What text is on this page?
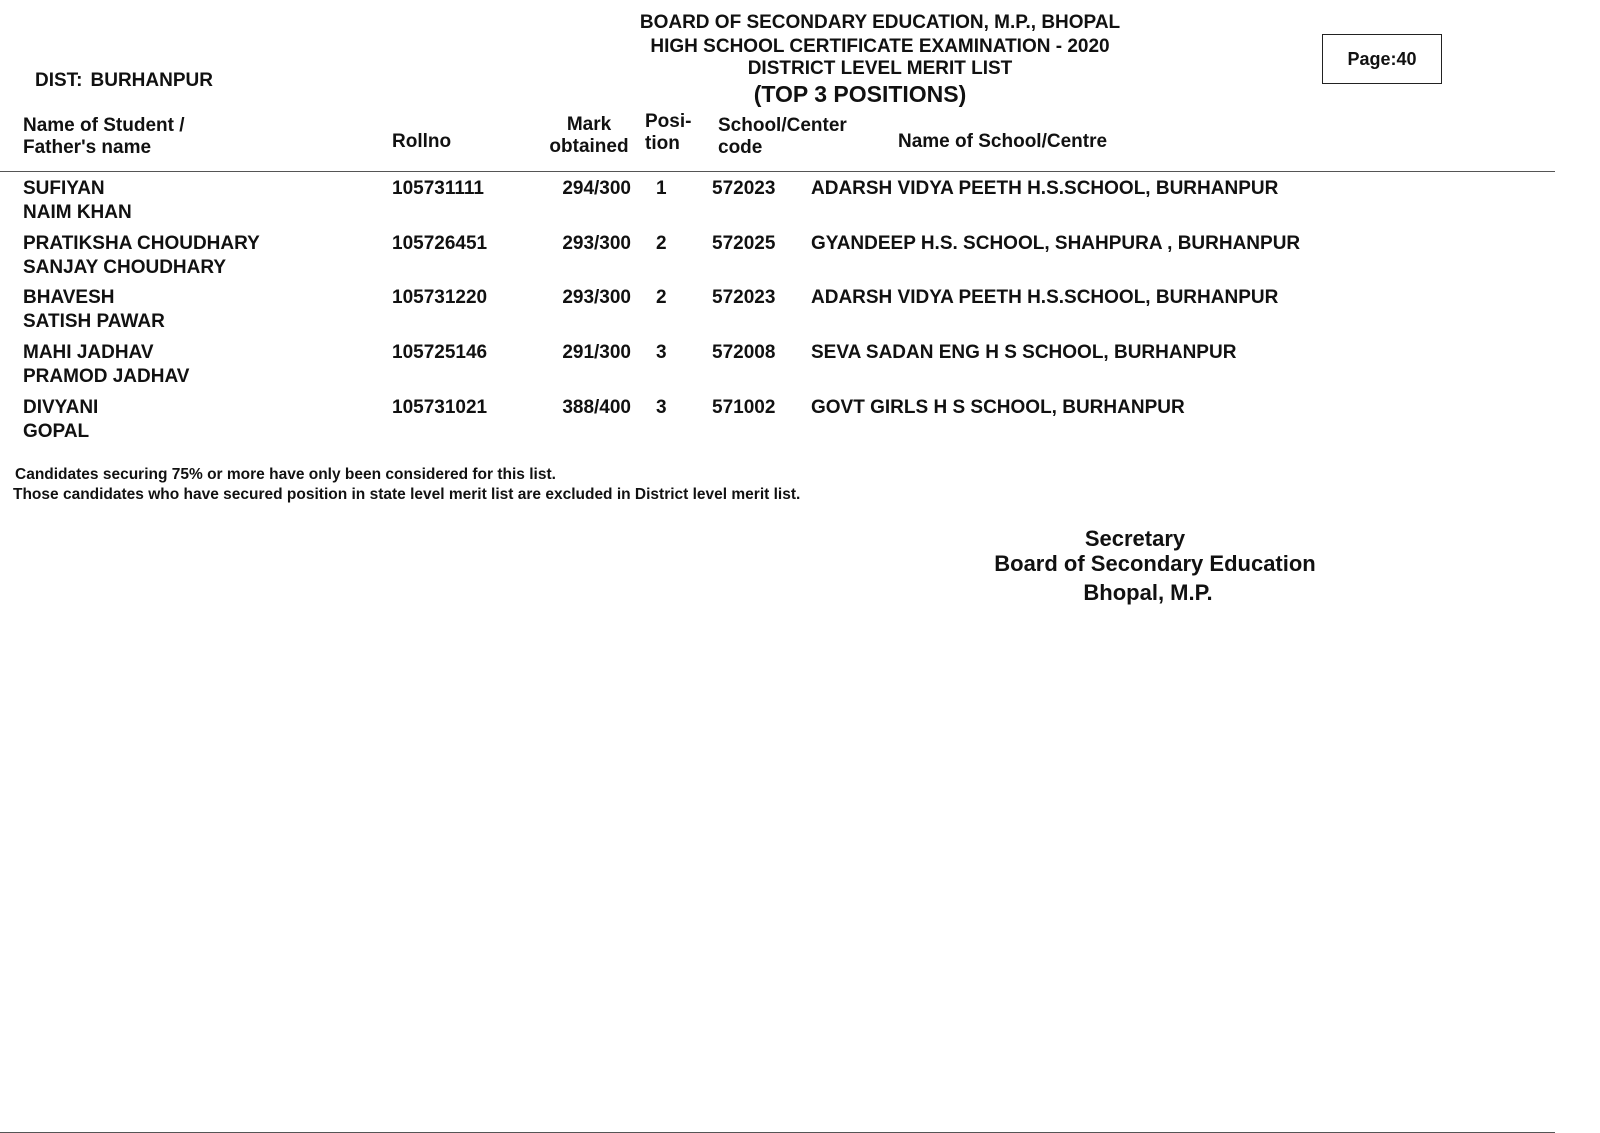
BOARD OF SECONDARY EDUCATION, M.P., BHOPAL
HIGH SCHOOL CERTIFICATE EXAMINATION - 2020
DISTRICT LEVEL MERIT LIST
(TOP 3 POSITIONS)
DIST: BURHANPUR
Page: 40
Name of Student /
Father's name	Rollno
Mark
obtained
Posi-
tion
School/Center
code	Name of School/Centre
SUFIYAN
NAIM KHAN
105731111	294/300 1 572023 ADARSH VIDYA PEETH H.S.SCHOOL, BURHANPUR
PRATIKSHA CHOUDHARY
SANJAY CHOUDHARY
105726451	293/300 2 572025 GYANDEEP H.S. SCHOOL, SHAHPURA , BURHANPUR
BHAVESH
SATISH PAWAR
105731220	293/300 2 572023 ADARSH VIDYA PEETH H.S.SCHOOL, BURHANPUR
MAHI JADHAV
PRAMOD JADHAV
105725146	291/300 3 572008 SEVA SADAN ENG H S SCHOOL, BURHANPUR
DIVYANI
GOPAL
105731021	388/400 3 571002 GOVT GIRLS H S SCHOOL, BURHANPUR
Candidates securing 75% or more have only been considered for this list.
Those candidates who have secured position in state level merit list are excluded in District level merit list.
Secretary
Board of Secondary Education
Bhopal, M.P.
